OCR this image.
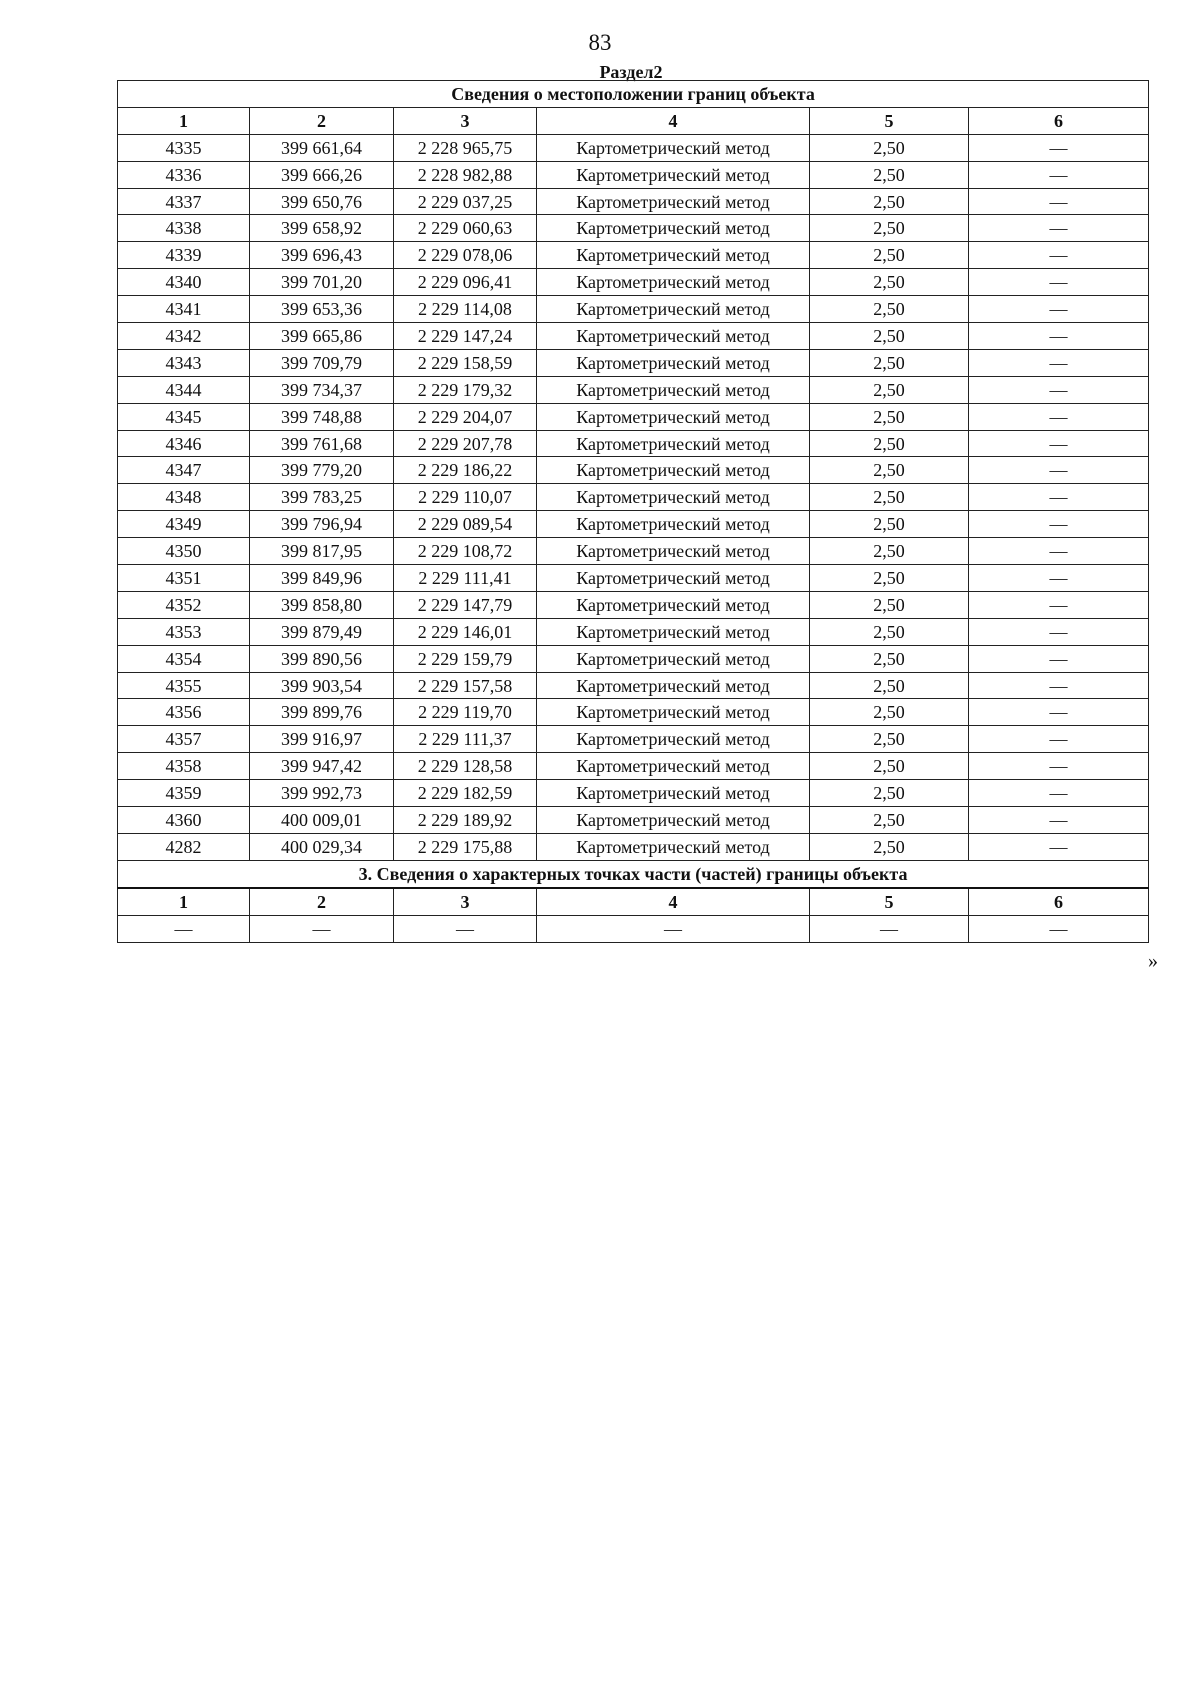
83
Раздел2
Сведения о местоположении границ объекта					
1	2	3	4	5	6
4335	399 661,64	2 228 965,75	Картометрический метод	2,50	—
4336	399 666,26	2 228 982,88	Картометрический метод	2,50	—
4337	399 650,76	2 229 037,25	Картометрический метод	2,50	—
4338	399 658,92	2 229 060,63	Картометрический метод	2,50	—
4339	399 696,43	2 229 078,06	Картометрический метод	2,50	—
4340	399 701,20	2 229 096,41	Картометрический метод	2,50	—
4341	399 653,36	2 229 114,08	Картометрический метод	2,50	—
4342	399 665,86	2 229 147,24	Картометрический метод	2,50	—
4343	399 709,79	2 229 158,59	Картометрический метод	2,50	—
4344	399 734,37	2 229 179,32	Картометрический метод	2,50	—
4345	399 748,88	2 229 204,07	Картометрический метод	2,50	—
4346	399 761,68	2 229 207,78	Картометрический метод	2,50	—
4347	399 779,20	2 229 186,22	Картометрический метод	2,50	—
4348	399 783,25	2 229 110,07	Картометрический метод	2,50	—
4349	399 796,94	2 229 089,54	Картометрический метод	2,50	—
4350	399 817,95	2 229 108,72	Картометрический метод	2,50	—
4351	399 849,96	2 229 111,41	Картометрический метод	2,50	—
4352	399 858,80	2 229 147,79	Картометрический метод	2,50	—
4353	399 879,49	2 229 146,01	Картометрический метод	2,50	—
4354	399 890,56	2 229 159,79	Картометрический метод	2,50	—
4355	399 903,54	2 229 157,58	Картометрический метод	2,50	—
4356	399 899,76	2 229 119,70	Картометрический метод	2,50	—
4357	399 916,97	2 229 111,37	Картометрический метод	2,50	—
4358	399 947,42	2 229 128,58	Картометрический метод	2,50	—
4359	399 992,73	2 229 182,59	Картометрический метод	2,50	—
4360	400 009,01	2 229 189,92	Картометрический метод	2,50	—
4282	400 029,34	2 229 175,88	Картометрический метод	2,50	—
3. Сведения о характерных точках части (частей) границы объекта					
1	2	3	4	5	6
—	—	—	—	—	—
»
